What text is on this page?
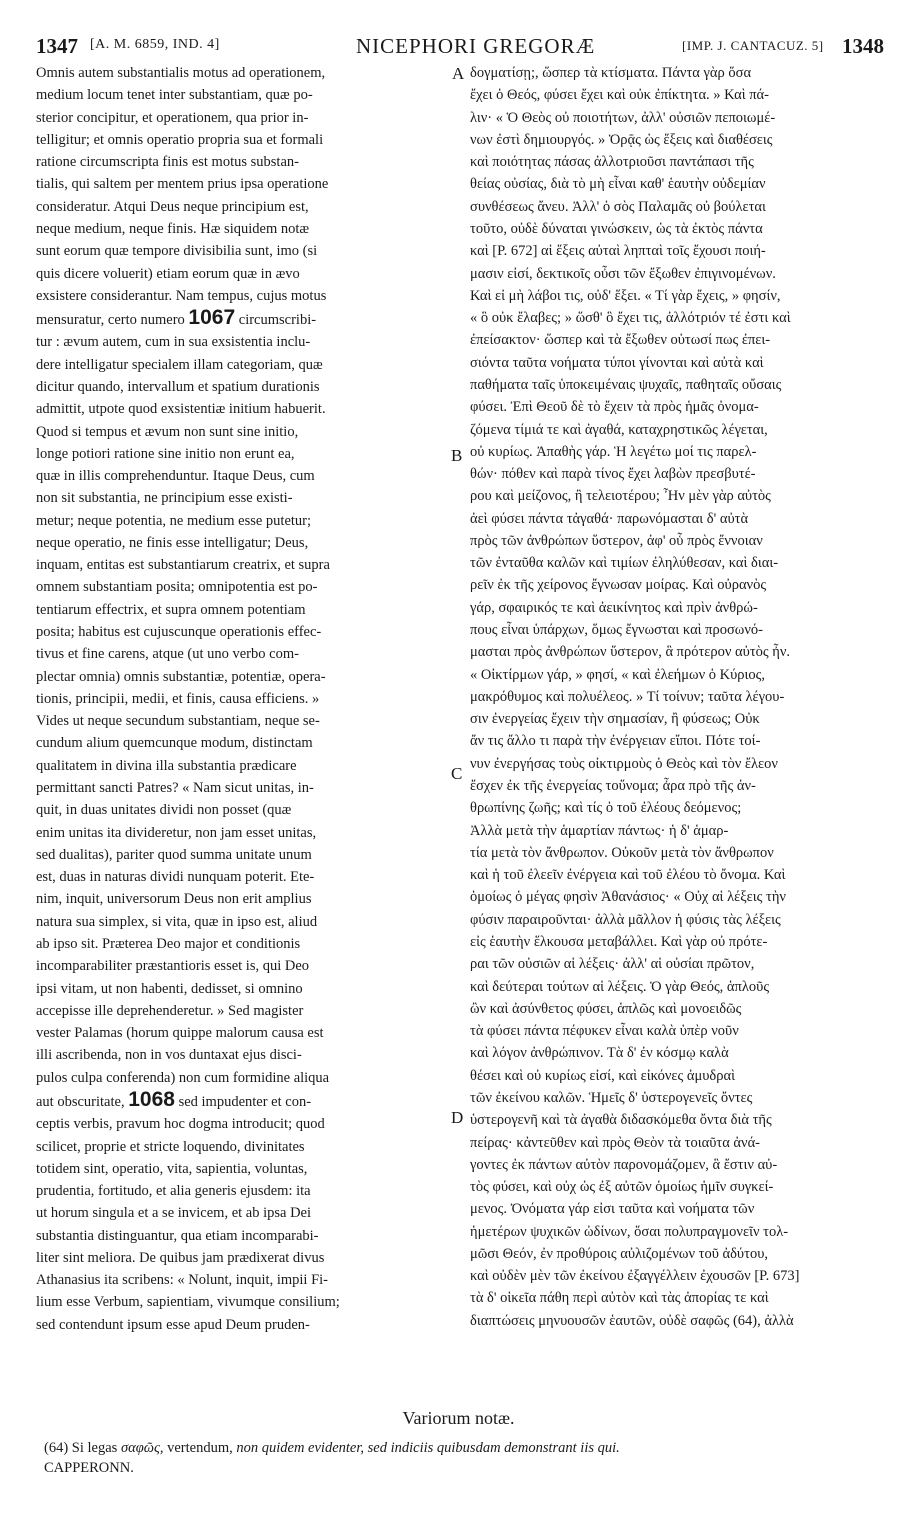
1347 [A. M. 6859, IND. 4]	NICEPHORI GREGORÆ	[IMP. J. CANTACUZ. 5] 1348

Omnis autem substantialis motus ad operationem,

medium locum tenet inter substantiam, quæ po-

sterior concipitur, et operationem, qua prior in-

telligitur; et omnis operatio propria sua et formali

ratione circumscripta finis est motus substan-

tialis, qui saltem per mentem prius ipsa operatione

consideratur. Atqui Deus neque principium est,

neque medium, neque finis. Hæ siquidem notæ

sunt eorum quæ tempore divisibilia sunt, imo (si

quis dicere voluerit) etiam eorum quæ in ævo

exsistere considerantur. Nam tempus, cujus motus

mensuratur, certo numero 1067 circumscribi-

tur : ævum autem, cum in sua exsistentia inclu-

dere intelligatur specialem illam categoriam, quæ

dicitur quando, intervallum et spatium durationis

admittit, utpote quod exsistentiæ initium habuerit.

Quod si tempus et ævum non sunt sine initio,

longe potiori ratione sine initio non erunt ea,

quæ in illis comprehenduntur. Itaque Deus, cum

non sit substantia, ne principium esse existi-

metur; neque potentia, ne medium esse putetur;

neque operatio, ne finis esse intelligatur; Deus,

inquam, entitas est substantiarum creatrix, et supra

omnem substantiam posita; omnipotentia est po-

tentiarum effectrix, et supra omnem potentiam

posita; habitus est cujuscunque operationis effec-

tivus et fine carens, atque (ut uno verbo com-

plectar omnia) omnis substantiæ, potentiæ, opera-

tionis, principii, medii, et finis, causa efficiens. »

Vides ut neque secundum substantiam, neque se-

cundum alium quemcunque modum, distinctam

qualitatem in divina illa substantia prædicare

permittant sancti Patres? « Nam sicut unitas, in-

quit, in duas unitates dividi non posset (quæ

enim unitas ita divideretur, non jam esset unitas,

sed dualitas), pariter quod summa unitate unum

est, duas in naturas dividi nunquam poterit. Ete-

nim, inquit, universorum Deus non erit amplius

natura sua simplex, si vita, quæ in ipso est, aliud

ab ipso sit. Præterea Deo major et conditionis

incomparabiliter præstantioris esset is, qui Deo

ipsi vitam, ut non habenti, dedisset, si omnino

accepisse ille deprehenderetur. » Sed magister

vester Palamas (horum quippe malorum causa est

illi ascribenda, non in vos duntaxat ejus disci-

pulos culpa conferenda) non cum formidine aliqua

aut obscuritate, 1068 sed impudenter et con-

ceptis verbis, pravum hoc dogma introducit; quod

scilicet, proprie et stricte loquendo, divinitates

totidem sint, operatio, vita, sapientia, voluntas,

prudentia, fortitudo, et alia generis ejusdem: ita

ut horum singula et a se invicem, et ab ipsa Dei

substantia distinguantur, qua etiam incomparabi-

liter sint meliora. De quibus jam prædixerat divus

Athanasius ita scribens: « Nolunt, inquit, impii Fi-

lium esse Verbum, sapientiam, vivumque consilium;

sed contendunt ipsum esse apud Deum pruden-

δογματίσῃ;, ὥσπερ τὰ κτίσματα. Πάντα γὰρ ὅσα

ἔχει ὁ Θεός, φύσει ἔχει καὶ οὐκ ἐπίκτητα. » Καὶ πά-

λιν· « Ὁ Θεὸς οὐ ποιοτήτων, ἀλλ' οὐσιῶν πεποιωμέ-

νων ἐστὶ δημιουργός. » Ὁρᾷς ὡς ἕξεις καὶ διαθέσεις

καὶ ποιότητας πάσας ἀλλοτριοῦσι παντάπασι τῆς

θείας οὐσίας, διὰ τὸ μὴ εἶναι καθ' ἑαυτὴν οὐδεμίαν

συνθέσεως ἄνευ. Ἀλλ' ὁ σὸς Παλαμᾶς οὐ βούλεται

τοῦτο, οὐδὲ δύναται γινώσκειν, ὡς τὰ ἐκτὸς πάντα

καὶ [P. 672] αἱ ἕξεις αὐταὶ ληπταὶ τοῖς ἔχουσι ποιή-

μασιν εἰσί, δεκτικοῖς οὖσι τῶν ἔξωθεν ἐπιγινομένων.

Καὶ εἰ μὴ λάβοι τις, οὐδ' ἕξει. « Τί γὰρ ἔχεις, » φησίν,

« ὃ οὐκ ἔλαβες; » ὥσθ' ὃ ἔχει τις, ἀλλότριόν τέ ἐστι καὶ

ἐπείσακτον· ὥσπερ καὶ τὰ ἔξωθεν οὑτωσί πως ἐπει-

σιόντα ταῦτα νοήματα τύποι γίνονται καὶ αὐτὰ καὶ

παθήματα ταῖς ὑποκειμέναις ψυχαῖς, παθηταῖς οὔσαις

φύσει. Ἐπὶ Θεοῦ δὲ τὸ ἔχειν τὰ πρὸς ἡμᾶς ὀνομα-

ζόμενα τίμιά τε καὶ ἀγαθά, καταχρηστικῶς λέγεται,

οὐ κυρίως. Ἀπαθὴς γάρ. Ἡ λεγέτω μοί τις παρελ-

θών· πόθεν καὶ παρὰ τίνος ἔχει λαβὼν πρεσβυτέ-

ρου καὶ μείζονος, ἢ τελειοτέρου; Ἦν μὲν γὰρ αὐτὸς

ἀεὶ φύσει πάντα τἀγαθά· παρωνόμασται δ' αὐτὰ

πρὸς τῶν ἀνθρώπων ὕστερον, ἀφ' οὗ πρὸς ἔννοιαν

τῶν ἐνταῦθα καλῶν καὶ τιμίων ἐληλύθεσαν, καὶ διαι-

ρεῖν ἐκ τῆς χείρονος ἔγνωσαν μοίρας. Καὶ οὐρανὸς

γάρ, σφαιρικός τε καὶ ἀεικίνητος καὶ πρὶν ἀνθρώ-

πους εἶναι ὑπάρχων, ὅμως ἔγνωσται καὶ προσωνό-

μασται πρὸς ἀνθρώπων ὕστερον, ἃ πρότερον αὐτὸς ἦν.

« Οἰκτίρμων γάρ, » φησί, « καὶ ἐλεήμων ὁ Κύριος,

μακρόθυμος καὶ πολυέλεος. » Τί τοίνυν; ταῦτα λέγου-

σιν ἐνεργείας ἔχειν τὴν σημασίαν, ἢ φύσεως; Οὐκ

ἄν τις ἄλλο τι παρὰ τὴν ἐνέργειαν εἴποι. Πότε τοί-

νυν ἐνεργήσας τοὺς οἰκτιρμοὺς ὁ Θεὸς καὶ τὸν ἔλεον

ἔσχεν ἐκ τῆς ἐνεργείας τοὔνομα; ἆρα πρὸ τῆς ἀν-

θρωπίνης ζωῆς; καὶ τίς ὁ τοῦ ἐλέους δεόμενος;

Ἀλλὰ μετὰ τὴν ἁμαρτίαν πάντως· ἡ δ' ἁμαρ-

τία μετὰ τὸν ἄνθρωπον. Οὐκοῦν μετὰ τὸν ἄνθρωπον

καὶ ἡ τοῦ ἐλεεῖν ἐνέργεια καὶ τοῦ ἐλέου τὸ ὄνομα. Καὶ

ὁμοίως ὁ μέγας φησὶν Ἀθανάσιος· « Οὐχ αἱ λέξεις τὴν

φύσιν παραιροῦνται· ἀλλὰ μᾶλλον ἡ φύσις τὰς λέξεις

εἰς ἑαυτὴν ἕλκουσα μεταβάλλει. Καὶ γὰρ οὐ πρότε-

ραι τῶν οὐσιῶν αἱ λέξεις· ἀλλ' αἱ οὐσίαι πρῶτον,

καὶ δεύτεραι τούτων αἱ λέξεις. Ὁ γὰρ Θεός, ἁπλοῦς

ὢν καὶ ἀσύνθετος φύσει, ἁπλῶς καὶ μονοειδῶς

τὰ φύσει πάντα πέφυκεν εἶναι καλὰ ὑπὲρ νοῦν

καὶ λόγον ἀνθρώπινον. Τὰ δ' ἐν κόσμῳ καλὰ

θέσει καὶ οὐ κυρίως εἰσί, καὶ εἰκόνες ἀμυδραὶ

τῶν ἐκείνου καλῶν. Ἡμεῖς δ' ὑστερογενεῖς ὄντες

ὑστερογενῆ καὶ τὰ ἀγαθὰ διδασκόμεθα ὄντα διὰ τῆς

πείρας· κἀντεῦθεν καὶ πρὸς Θεὸν τὰ τοιαῦτα ἀνά-

γοντες ἐκ πάντων αὐτὸν παρονομάζομεν, ἃ ἔστιν αὐ-

τὸς φύσει, καὶ οὐχ ὡς ἐξ αὐτῶν ὁμοίως ἡμῖν συγκεί-

μενος. Ὀνόματα γάρ εἰσι ταῦτα καὶ νοήματα τῶν

ἡμετέρων ψυχικῶν ὠδίνων, ὅσαι πολυπραγμονεῖν τολ-

μῶσι Θεόν, ἐν προθύροις αὐλιζομένων τοῦ ἀδύτου,

καὶ οὐδὲν μὲν τῶν ἐκείνου ἐξαγγέλλειν ἐχουσῶν [P. 673]

τὰ δ' οἰκεῖα πάθη περὶ αὐτὸν καὶ τὰς ἀπορίας τε καὶ

διαπτώσεις μηνυουσῶν ἑαυτῶν, οὐδὲ σαφῶς (64), ἀλλὰ

A
B
C
D
Variorum notæ.

(64) Si legas σαφῶς, vertendum, non quidem evidenter, sed indiciis quibusdam demonstrant iis qui.

CAPPERONN.
